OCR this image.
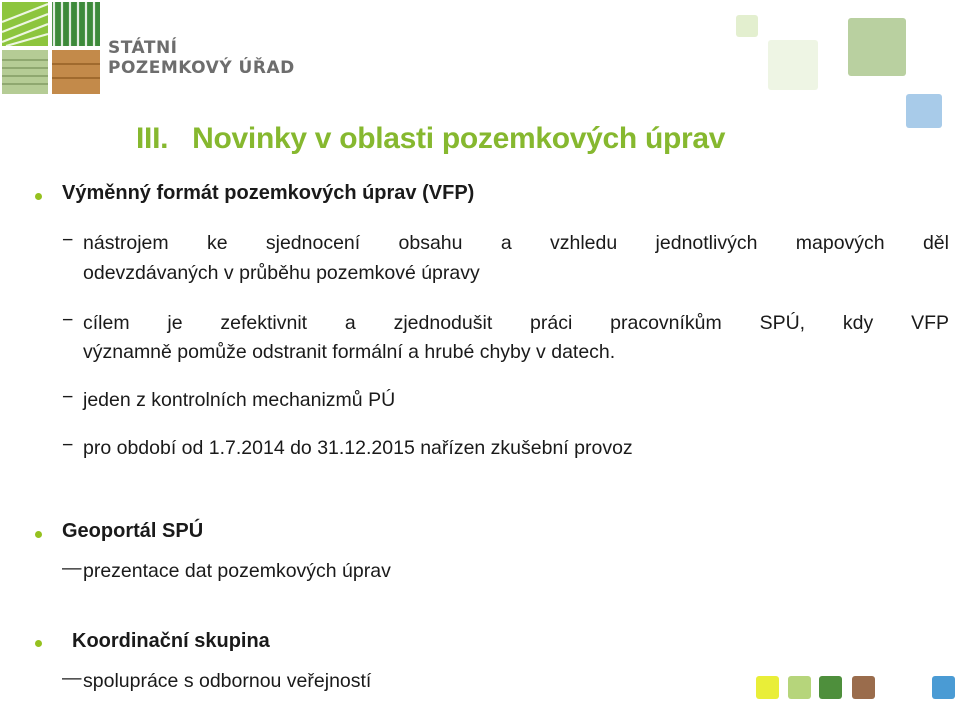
STÁTNÍ
POZEMKOVÝ ÚŘAD
III. Novinky v oblasti pozemkových úprav
Výměnný formát pozemkových úprav (VFP)
− nástrojem ke sjednocení obsahu a vzhledu jednotlivých mapových děl
odevzdávaných v průběhu pozemkové úpravy
− cílem je zefektivnit a zjednodušit práci pracovníkům SPÚ, kdy VFP
významně pomůže odstranit formální a hrubé chyby v datech.
− jeden z kontrolních mechanizmů PÚ
− pro období od 1.7.2014 do 31.12.2015 nařízen zkušební provoz
Geoportál SPÚ
— prezentace dat pozemkových úprav
Koordinační skupina
— spolupráce s odbornou veřejností
